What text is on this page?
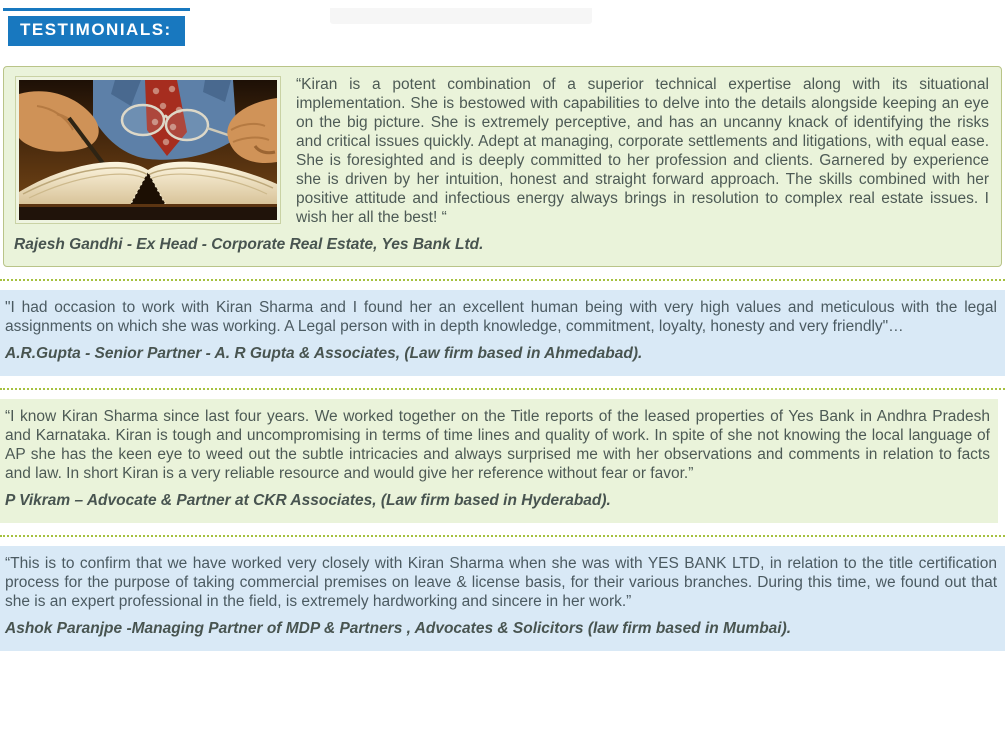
TESTIMONIALS:

“Kiran is a potent combination of a superior technical expertise along with its situational implementation. She is bestowed with capabilities to delve into the details alongside keeping an eye on the big picture. She is extremely perceptive, and has an uncanny knack of identifying the risks and critical issues quickly. Adept at managing, corporate settlements and litigations, with equal ease. She is foresighted and is deeply committed to her profession and clients. Garnered by experience she is driven by her intuition, honest and straight forward approach. The skills combined with her positive attitude and infectious energy always brings in resolution to complex real estate issues. I wish her all the best! “

Rajesh Gandhi - Ex Head - Corporate Real Estate, Yes Bank Ltd.

"I had occasion to work with Kiran Sharma and I found her an excellent human being with very high values and meticulous with the legal assignments on which she was working. A Legal person with in depth knowledge, commitment, loyalty, honesty and very friendly"…

A.R.Gupta - Senior Partner - A. R Gupta & Associates, (Law firm based in Ahmedabad).

“I know Kiran Sharma since last four years. We worked together on the Title reports of the leased properties of Yes Bank in Andhra Pradesh and Karnataka. Kiran is tough and uncompromising in terms of time lines and quality of work. In spite of she not knowing the local language of AP she has the keen eye to weed out the subtle intricacies and always surprised me with her observations and comments in relation to facts and law. In short Kiran is a very reliable resource and would give her reference without fear or favor.”

P Vikram – Advocate & Partner at CKR Associates, (Law firm based in Hyderabad).

“This is to confirm that we have worked very closely with Kiran Sharma when she was with YES BANK LTD, in relation to the title certification process for the purpose of taking commercial premises on leave & license basis, for their various branches. During this time, we found out that she is an expert professional in the field, is extremely hardworking and sincere in her work.”

Ashok Paranjpe -Managing Partner of MDP & Partners , Advocates & Solicitors (law firm based in Mumbai).
